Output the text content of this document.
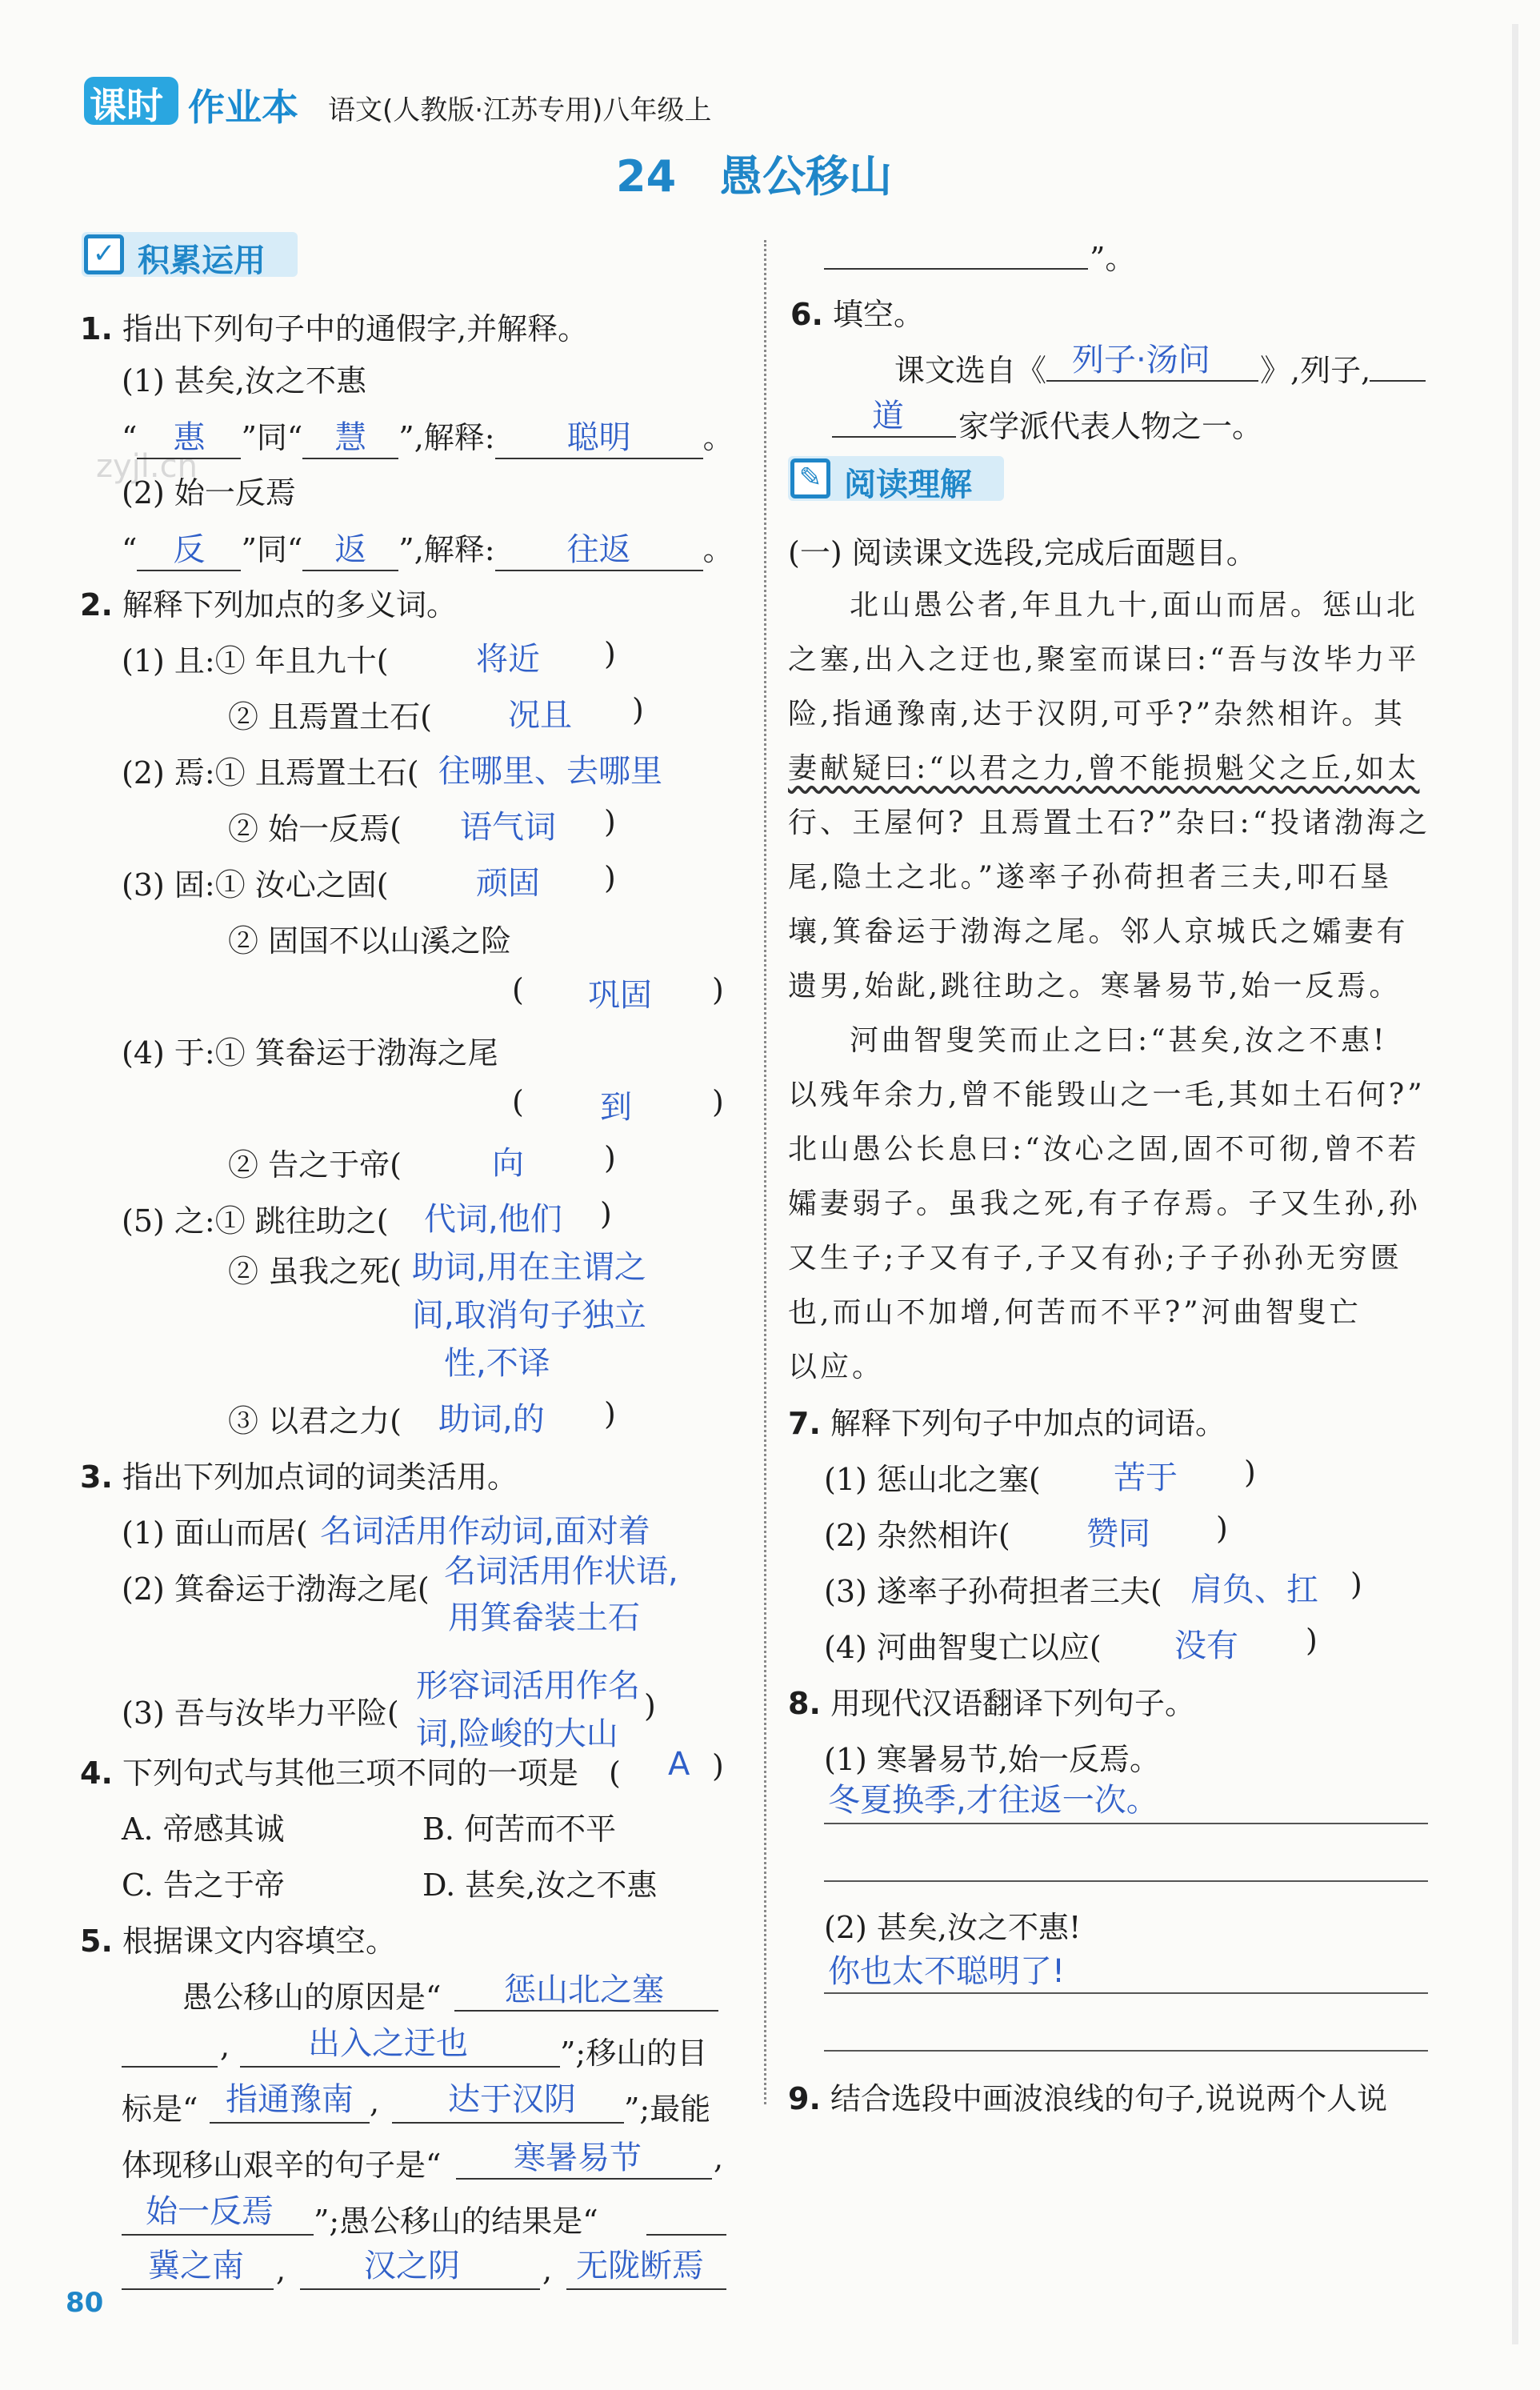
课时 作业本 语文(人教版·江苏专用)八年级上
24　愚公移山
zyjl.cn
✓ 积累运用
1. 指出下列句子中的通假字,并解释。
(1) 甚矣,汝之不惠
“ 惠 ”同“ 慧 ”,解释: 聪明 。
(2) 始一反焉
“ 反 ”同“ 返 ”,解释: 往返 。
2. 解释下列加点的多义词。
(1) 且:① 年且九十(	将近 )
② 且焉置土石( 况且 )
(2) 焉:① 且焉置土石( 往哪里、去哪里
② 始一反焉( 语气词 )
(3) 固:① 汝心之固(	顽固 )
② 固国不以山溪之险
( 巩固 )
(4) 于:① 箕畚运于渤海之尾
( 到	)
② 告之于帝(	向	)
(5) 之:① 跳往助之( 代词,他们 )
② 虽我之死( 助词,用在主谓之
间,取消句子独立
性,不译
③ 以君之力( 助词,的 )
3. 指出下列加点词的词类活用。
(1) 面山而居( 名词活用作动词,面对着
(2) 箕畚运于渤海之尾( 名词活用作状语,
用箕畚装土石
(3) 吾与汝毕力平险(
形容词活用作名
词,险峻的大山
)
4. 下列句式与其他三项不同的一项是　( A )
A. 帝感其诚	B. 何苦而不平
C. 告之于帝	D. 甚矣,汝之不惠
5. 根据课文内容填空。
愚公移山的原因是“ 惩山北之塞
, 出入之迂也	”;移山的目
标是“ 指通豫南 , 达于汉阴 ”;最能
体现移山艰辛的句子是“ 寒暑易节 ,
始一反焉 ”;愚公移山的结果是“
冀之南 , 汉之阴	, 无陇断焉
”。
6. 填空。
课文选自《 列子·汤问 》,列子,
道 家学派代表人物之一。
✎ 阅读理解
(一) 阅读课文选段,完成后面题目。
北山愚公者,年且九十,面山而居。惩山北
之塞,出入之迂也,聚室而谋曰:“吾与汝毕力平
险,指通豫南,达于汉阴,可乎?”杂然相许。其
妻献疑曰:“以君之力,曾不能损魁父之丘,如太
行、王屋何? 且焉置土石?”杂曰:“投诸渤海之
尾,隐土之北。”遂率子孙荷担者三夫,叩石垦
壤,箕畚运于渤海之尾。邻人京城氏之孀妻有
遗男,始龀,跳往助之。寒暑易节,始一反焉。
河曲智叟笑而止之曰:“甚矣,汝之不惠!
以残年余力,曾不能毁山之一毛,其如土石何?”
北山愚公长息曰:“汝心之固,固不可彻,曾不若
孀妻弱子。虽我之死,有子存焉。子又生孙,孙
又生子;子又有子,子又有孙;子子孙孙无穷匮
也,而山不加增,何苦而不平?”河曲智叟亡
以应。
7. 解释下列句子中加点的词语。
(1) 惩山北之塞( 苦于 )
(2) 杂然相许( 赞同 )
(3) 遂率子孙荷担者三夫( 肩负、扛 )
(4) 河曲智叟亡以应( 没有 )
8. 用现代汉语翻译下列句子。
(1) 寒暑易节,始一反焉。
冬夏换季,才往返一次。
(2) 甚矣,汝之不惠!
你也太不聪明了!
9. 结合选段中画波浪线的句子,说说两个人说
80
